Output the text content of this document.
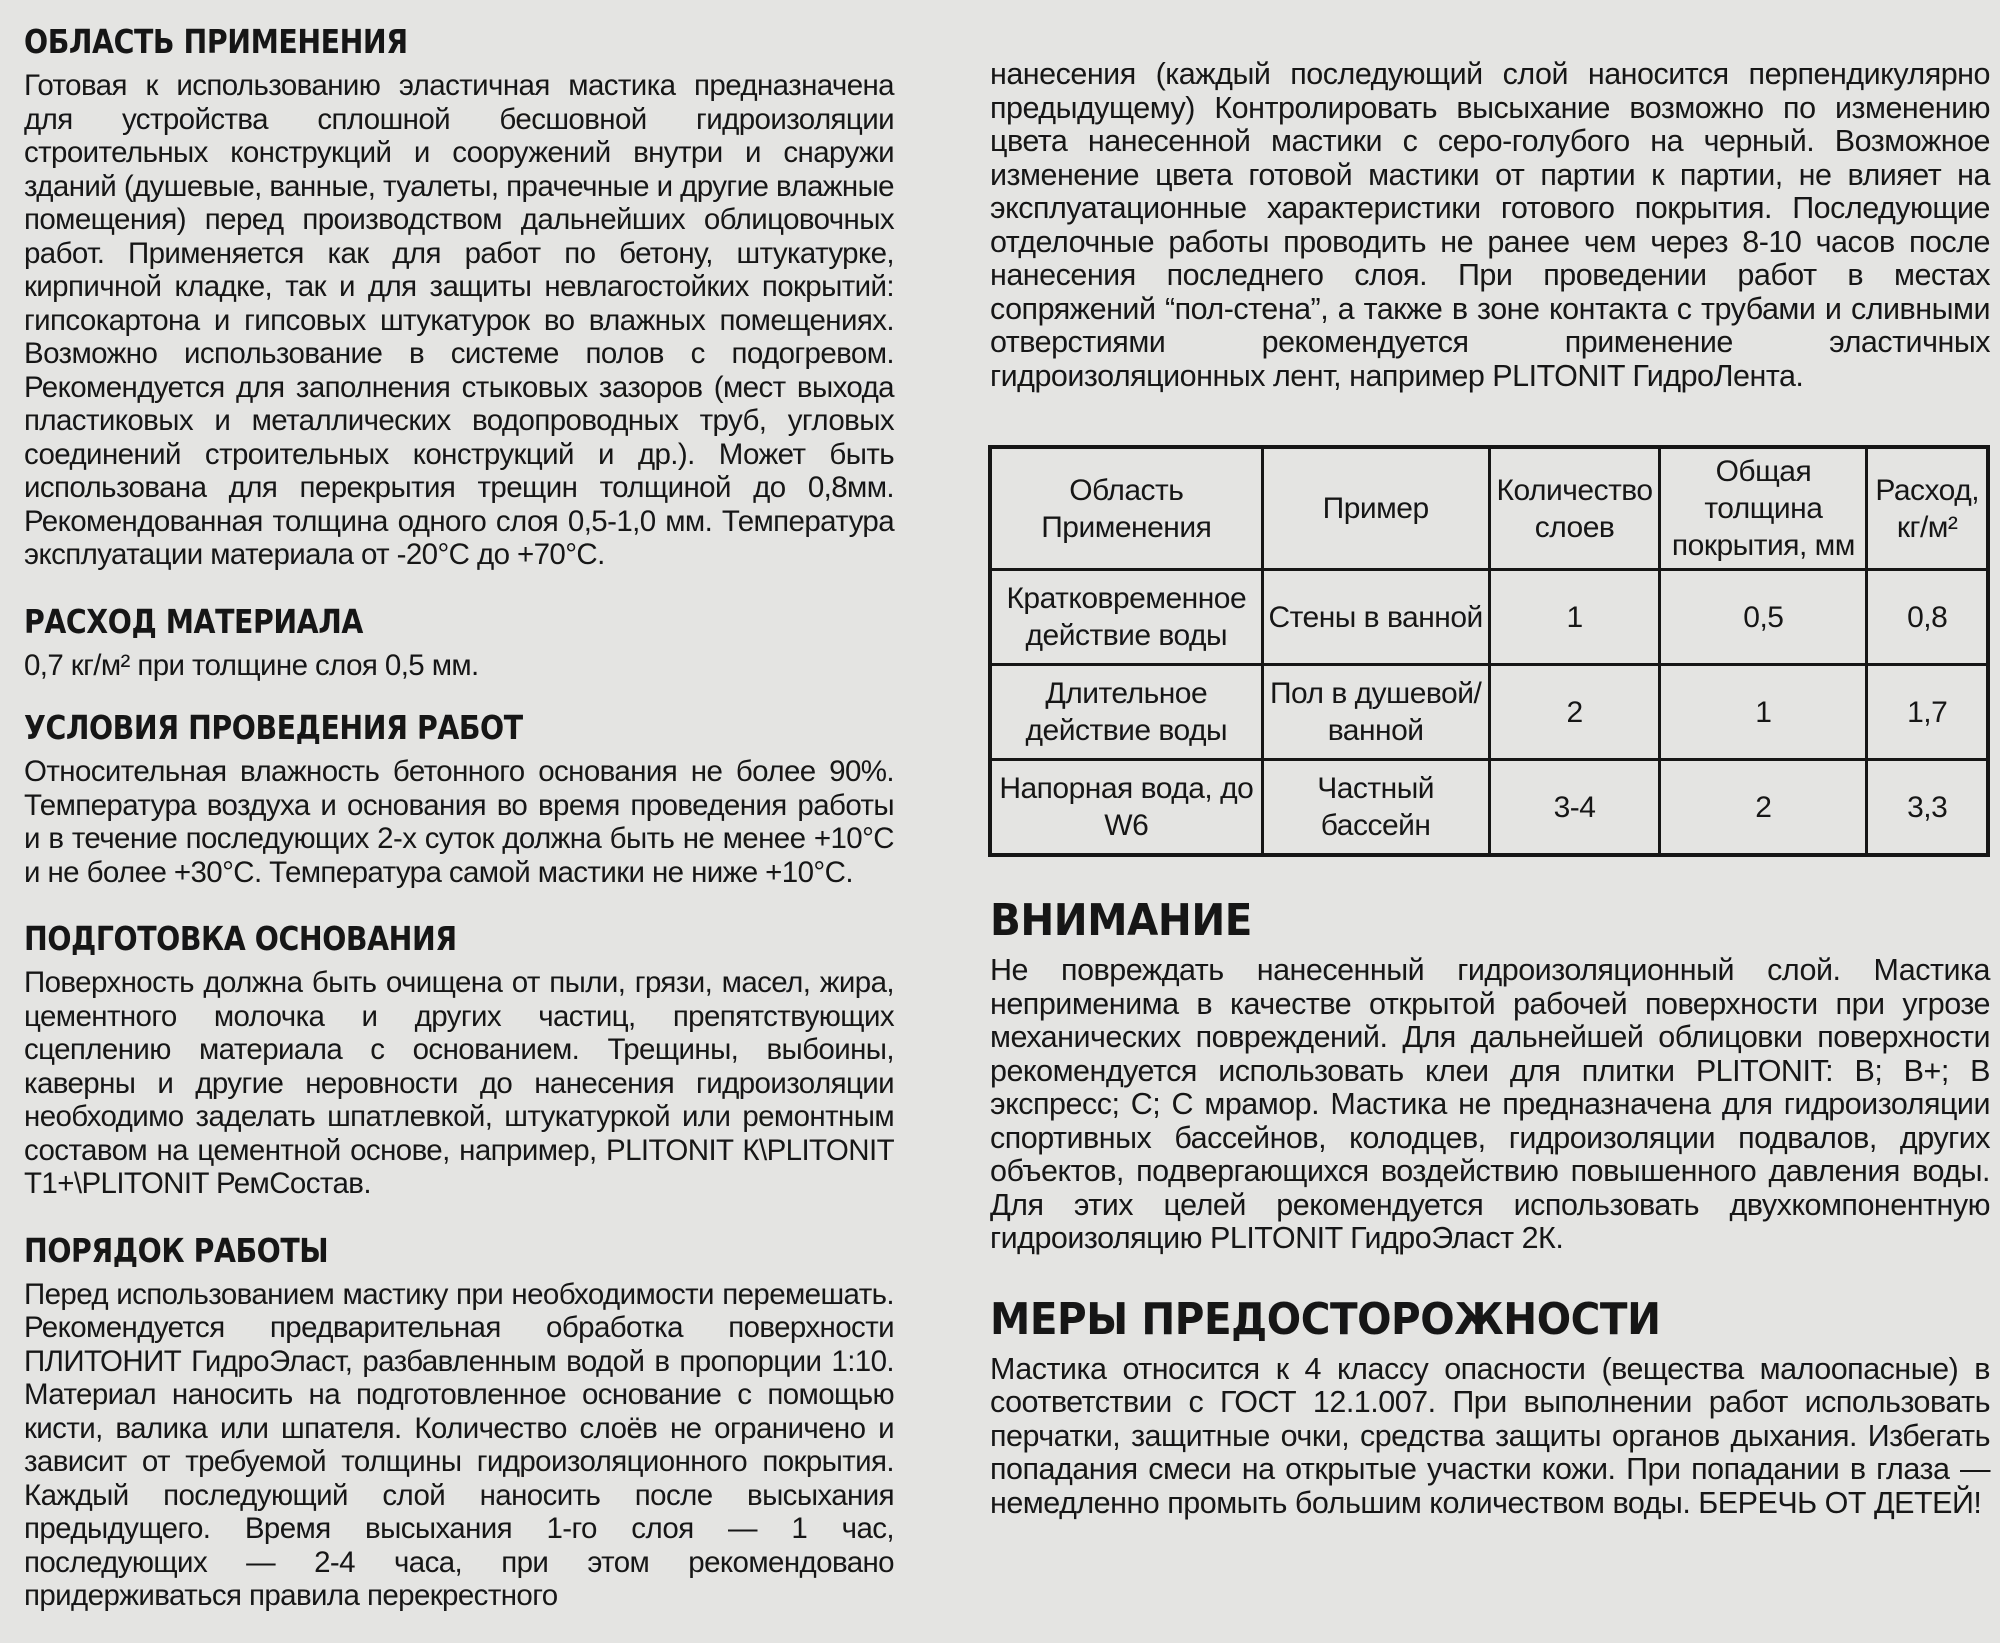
ОБЛАСТЬ ПРИМЕНЕНИЯ

Готовая к использованию эластичная мастика предназначена для устройства сплошной бесшовной гидроизоляции строительных конструкций и сооружений внутри и снаружи зданий (душевые, ванные, туалеты, прачечные и другие влажные помещения) перед производством дальнейших облицовочных работ. Применяется как для работ по бетону, штукатурке, кирпичной кладке, так и для защиты невлагостойких покрытий: гипсокартона и гипсовых штукатурок во влажных помещениях. Возможно использование в системе полов с подогревом. Рекомендуется для заполнения стыковых зазоров (мест выхода пластиковых и металлических водопроводных труб, угловых соединений строительных конструкций и др.). Может быть использована для перекрытия трещин толщиной до 0,8мм. Рекомендованная толщина одного слоя 0,5-1,0 мм. Температура эксплуатации материала от -20°С до +70°С.

РАСХОД МАТЕРИАЛА

0,7 кг/м² при толщине слоя 0,5 мм.

УСЛОВИЯ ПРОВЕДЕНИЯ РАБОТ

Относительная влажность бетонного основания не более 90%. Температура воздуха и основания во время проведения работы и в течение последующих 2-х суток должна быть не менее +10°С и не более +30°С. Температура самой мастики не ниже +10°С.

ПОДГОТОВКА ОСНОВАНИЯ

Поверхность должна быть очищена от пыли, грязи, масел, жира, цементного молочка и других частиц, препятствующих сцеплению материала с основанием. Трещины, выбоины, каверны и другие неровности до нанесения гидроизоляции необходимо заделать шпатлевкой, штукатуркой или ремонтным составом на цементной основе, например, PLITONIT К\PLITONIT Т1+\PLITONIT РемСостав.

ПОРЯДОК РАБОТЫ

Перед использованием мастику при необходимости перемешать. Рекомендуется предварительная обработка поверхности ПЛИТОНИТ ГидроЭласт, разбавленным водой в пропорции 1:10. Материал наносить на подготовленное основание с помощью кисти, валика или шпателя. Количество слоёв не ограничено и зависит от требуемой толщины гидроизоляционного покрытия. Каждый последующий слой наносить после высыхания предыдущего. Время высыхания 1-го слоя — 1 час, последующих — 2-4 часа, при этом рекомендовано придерживаться правила перекрестного

нанесения (каждый последующий слой наносится перпендикулярно предыдущему) Контролировать высыхание возможно по изменению цвета нанесенной мастики с серо-голубого на черный. Возможное изменение цвета готовой мастики от партии к партии, не влияет на эксплуатационные характеристики готового покрытия. Последующие отделочные работы проводить не ранее чем через 8-10 часов после нанесения последнего слоя. При проведении работ в местах сопряжений “пол-стена”, а также в зоне контакта с трубами и сливными отверстиями рекомендуется применение эластичных гидроизоляционных лент, например PLITONIT ГидроЛента.

Область Применения	Пример	Количество слоев	Общая толщина покрытия, мм	Расход, кг/м²
Кратковременное действие воды	Стены в ванной	1	0,5	0,8
Длительное действие воды	Пол в душевой/ ванной	2	1	1,7
Напорная вода, до W6	Частный бассейн	3-4	2	3,3
ВНИМАНИЕ

Не повреждать нанесенный гидроизоляционный слой. Мастика неприменима в качестве открытой рабочей поверхности при угрозе механических повреждений. Для дальнейшей облицовки поверхности рекомендуется использовать клеи для плитки PLITONIT: В; В+; В экспресс; С; С мрамор. Мастика не предназначена для гидроизоляции спортивных бассейнов, колодцев, гидроизоляции подвалов, других объектов, подвергающихся воздействию повышенного давления воды. Для этих целей рекомендуется использовать двухкомпонентную гидроизоляцию PLITONIT ГидроЭласт 2К.

МЕРЫ ПРЕДОСТОРОЖНОСТИ

Мастика относится к 4 классу опасности (вещества малоопасные) в соответствии с ГОСТ 12.1.007. При выполнении работ использовать перчатки, защитные очки, средства защиты органов дыхания. Избегать попадания смеси на открытые участки кожи. При попадании в глаза — немедленно промыть большим количеством воды. БЕРЕЧЬ ОТ ДЕТЕЙ!
